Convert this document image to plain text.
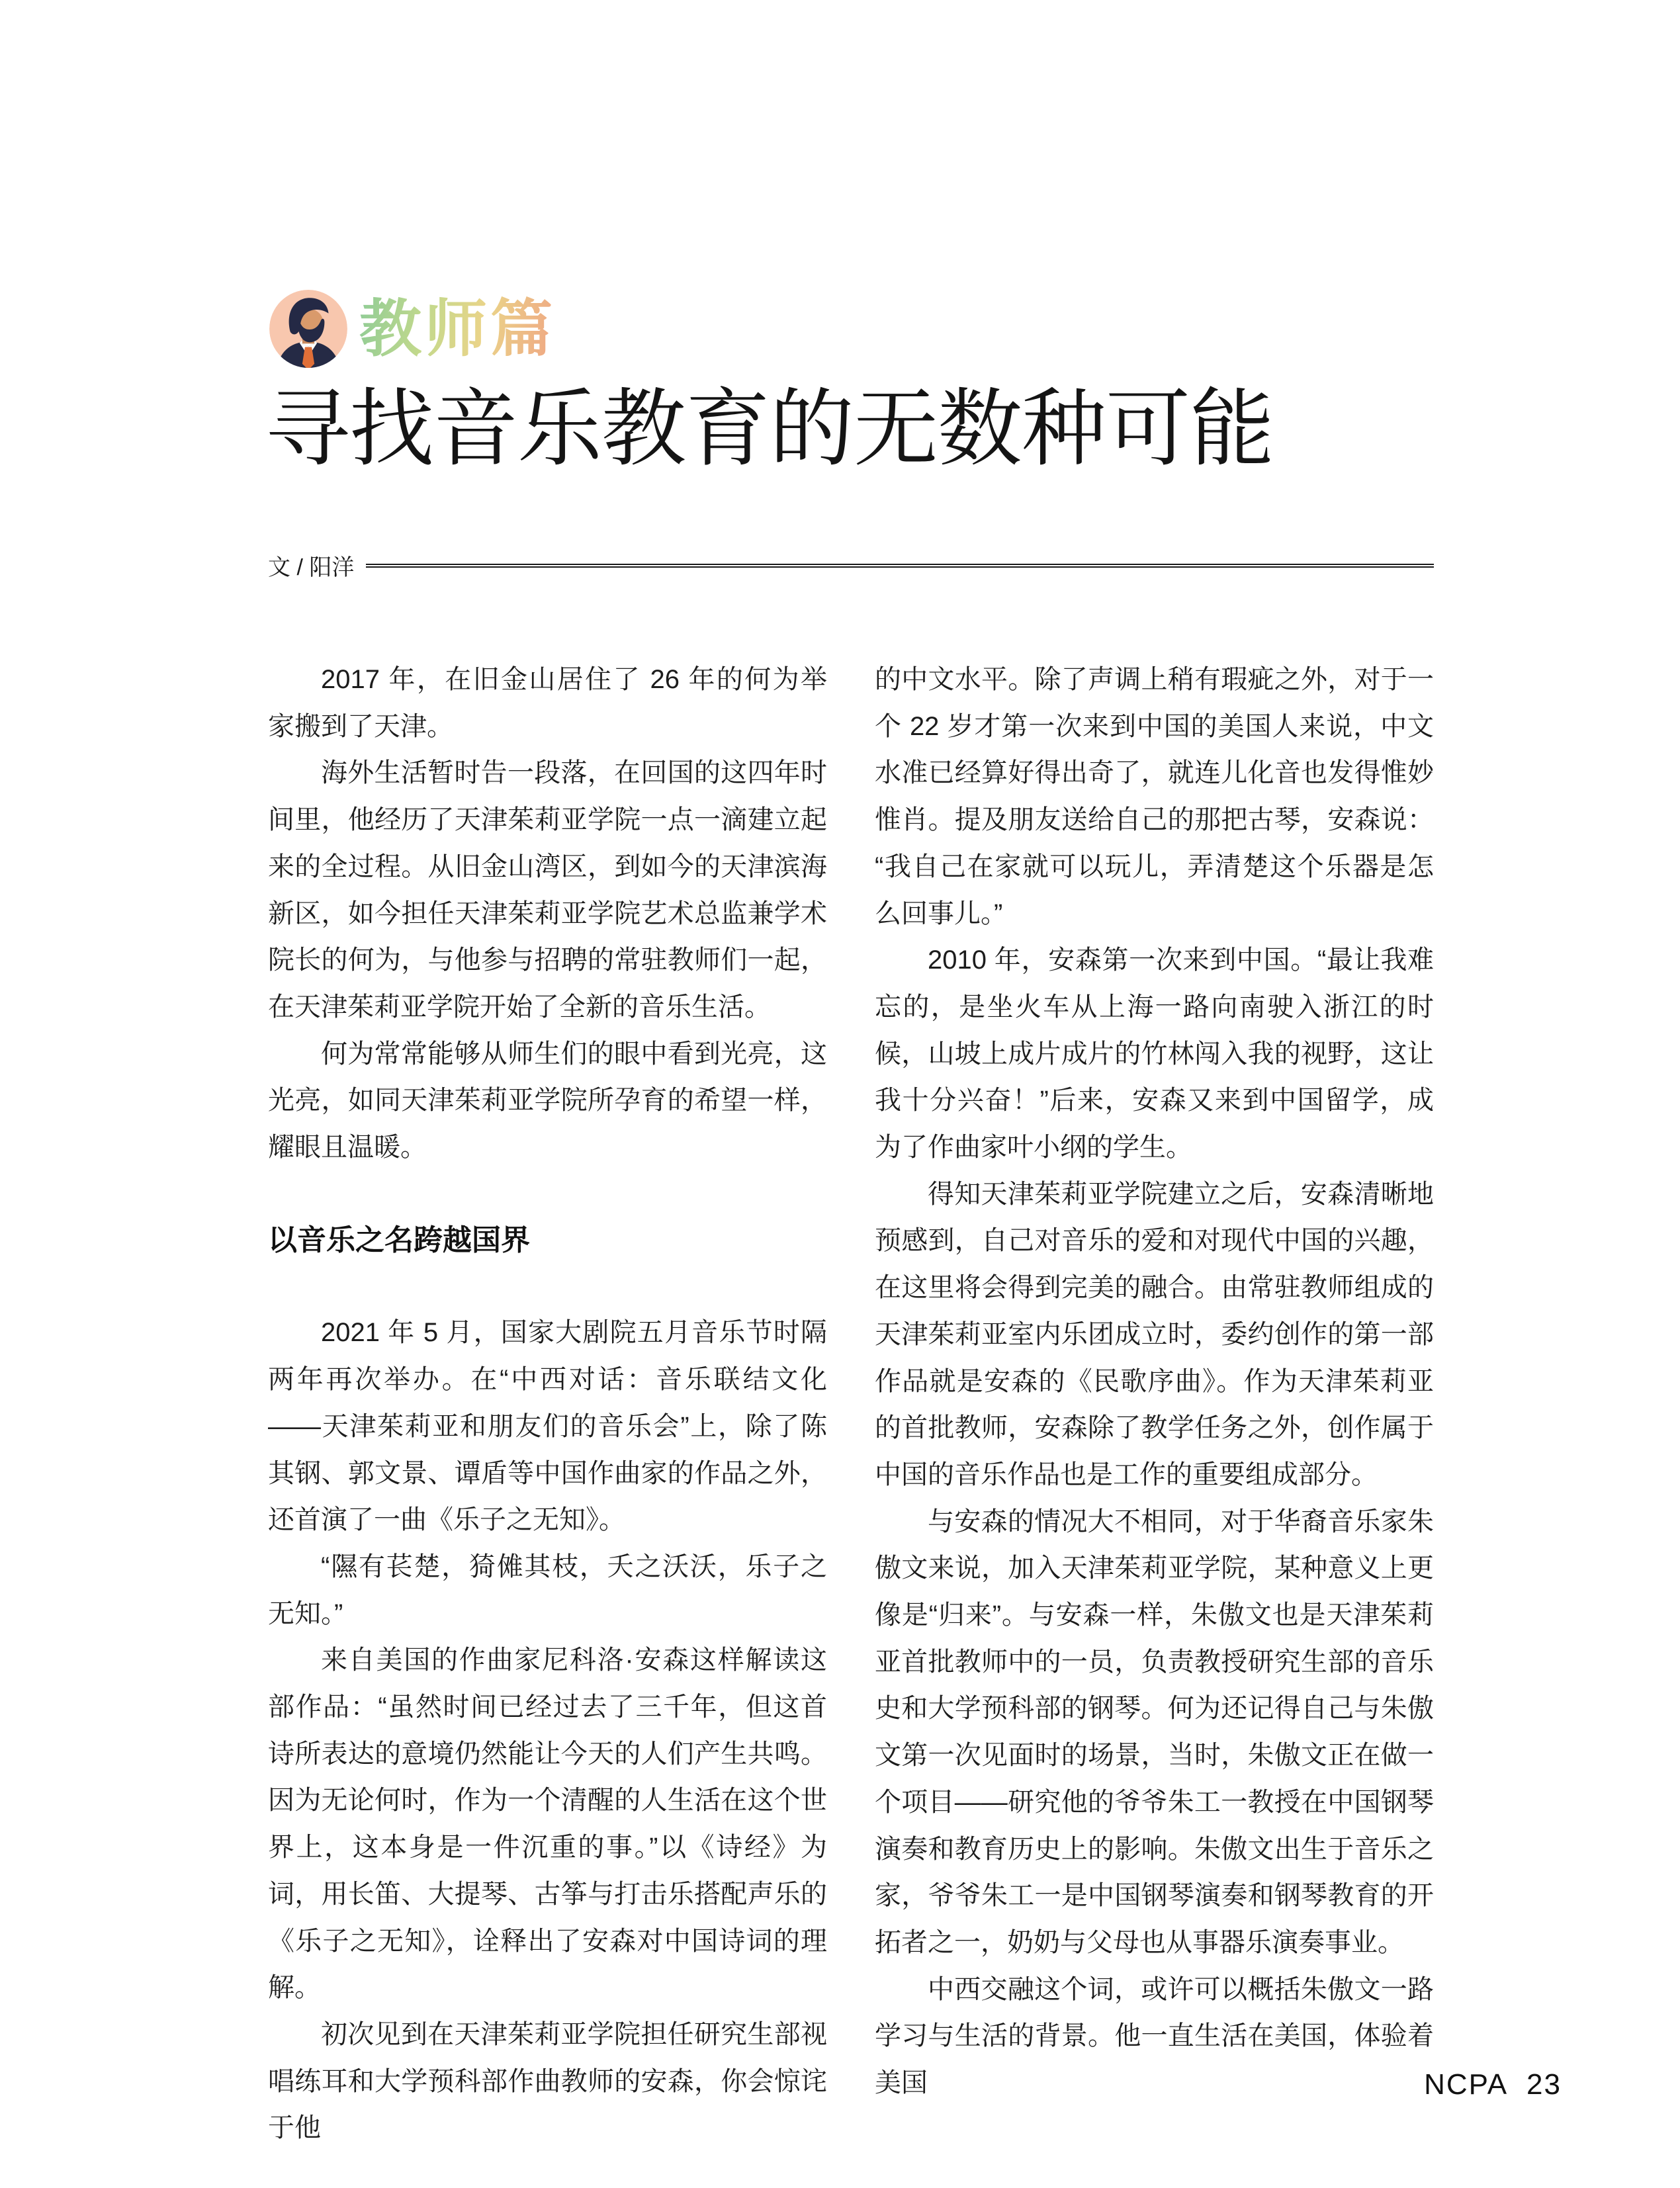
教师篇
寻找音乐教育的无数种可能
文 / 阳洋

2017 年，在旧金山居住了 26 年的何为举家搬到了天津。

海外生活暂时告一段落，在回国的这四年时间里，他经历了天津茱莉亚学院一点一滴建立起来的全过程。从旧金山湾区，到如今的天津滨海新区，如今担任天津茱莉亚学院艺术总监兼学术院长的何为，与他参与招聘的常驻教师们一起，在天津茱莉亚学院开始了全新的音乐生活。

何为常常能够从师生们的眼中看到光亮，这光亮，如同天津茱莉亚学院所孕育的希望一样，耀眼且温暖。

以音乐之名跨越国界

2021 年 5 月，国家大剧院五月音乐节时隔两年再次举办。在“中西对话：音乐联结文化——天津茱莉亚和朋友们的音乐会”上，除了陈其钢、郭文景、谭盾等中国作曲家的作品之外，还首演了一曲《乐子之无知》。

“隰有苌楚，猗傩其枝，夭之沃沃，乐子之无知。”

来自美国的作曲家尼科洛·安森这样解读这部作品：“虽然时间已经过去了三千年，但这首诗所表达的意境仍然能让今天的人们产生共鸣。因为无论何时，作为一个清醒的人生活在这个世界上，这本身是一件沉重的事。”以《诗经》为词，用长笛、大提琴、古筝与打击乐搭配声乐的《乐子之无知》，诠释出了安森对中国诗词的理解。

初次见到在天津茱莉亚学院担任研究生部视唱练耳和大学预科部作曲教师的安森，你会惊诧于他

的中文水平。除了声调上稍有瑕疵之外，对于一个 22 岁才第一次来到中国的美国人来说，中文水准已经算好得出奇了，就连儿化音也发得惟妙惟肖。提及朋友送给自己的那把古琴，安森说：“我自己在家就可以玩儿，弄清楚这个乐器是怎么回事儿。”

2010 年，安森第一次来到中国。“最让我难忘的，是坐火车从上海一路向南驶入浙江的时候，山坡上成片成片的竹林闯入我的视野，这让我十分兴奋！”后来，安森又来到中国留学，成为了作曲家叶小纲的学生。

得知天津茱莉亚学院建立之后，安森清晰地预感到，自己对音乐的爱和对现代中国的兴趣，在这里将会得到完美的融合。由常驻教师组成的天津茱莉亚室内乐团成立时，委约创作的第一部作品就是安森的《民歌序曲》。作为天津茱莉亚的首批教师，安森除了教学任务之外，创作属于中国的音乐作品也是工作的重要组成部分。

与安森的情况大不相同，对于华裔音乐家朱傲文来说，加入天津茱莉亚学院，某种意义上更像是“归来”。与安森一样，朱傲文也是天津茱莉亚首批教师中的一员，负责教授研究生部的音乐史和大学预科部的钢琴。何为还记得自己与朱傲文第一次见面时的场景，当时，朱傲文正在做一个项目——研究他的爷爷朱工一教授在中国钢琴演奏和教育历史上的影响。朱傲文出生于音乐之家，爷爷朱工一是中国钢琴演奏和钢琴教育的开拓者之一，奶奶与父母也从事器乐演奏事业。

中西交融这个词，或许可以概括朱傲文一路学习与生活的背景。他一直生活在美国，体验着美国	NCPA 23
